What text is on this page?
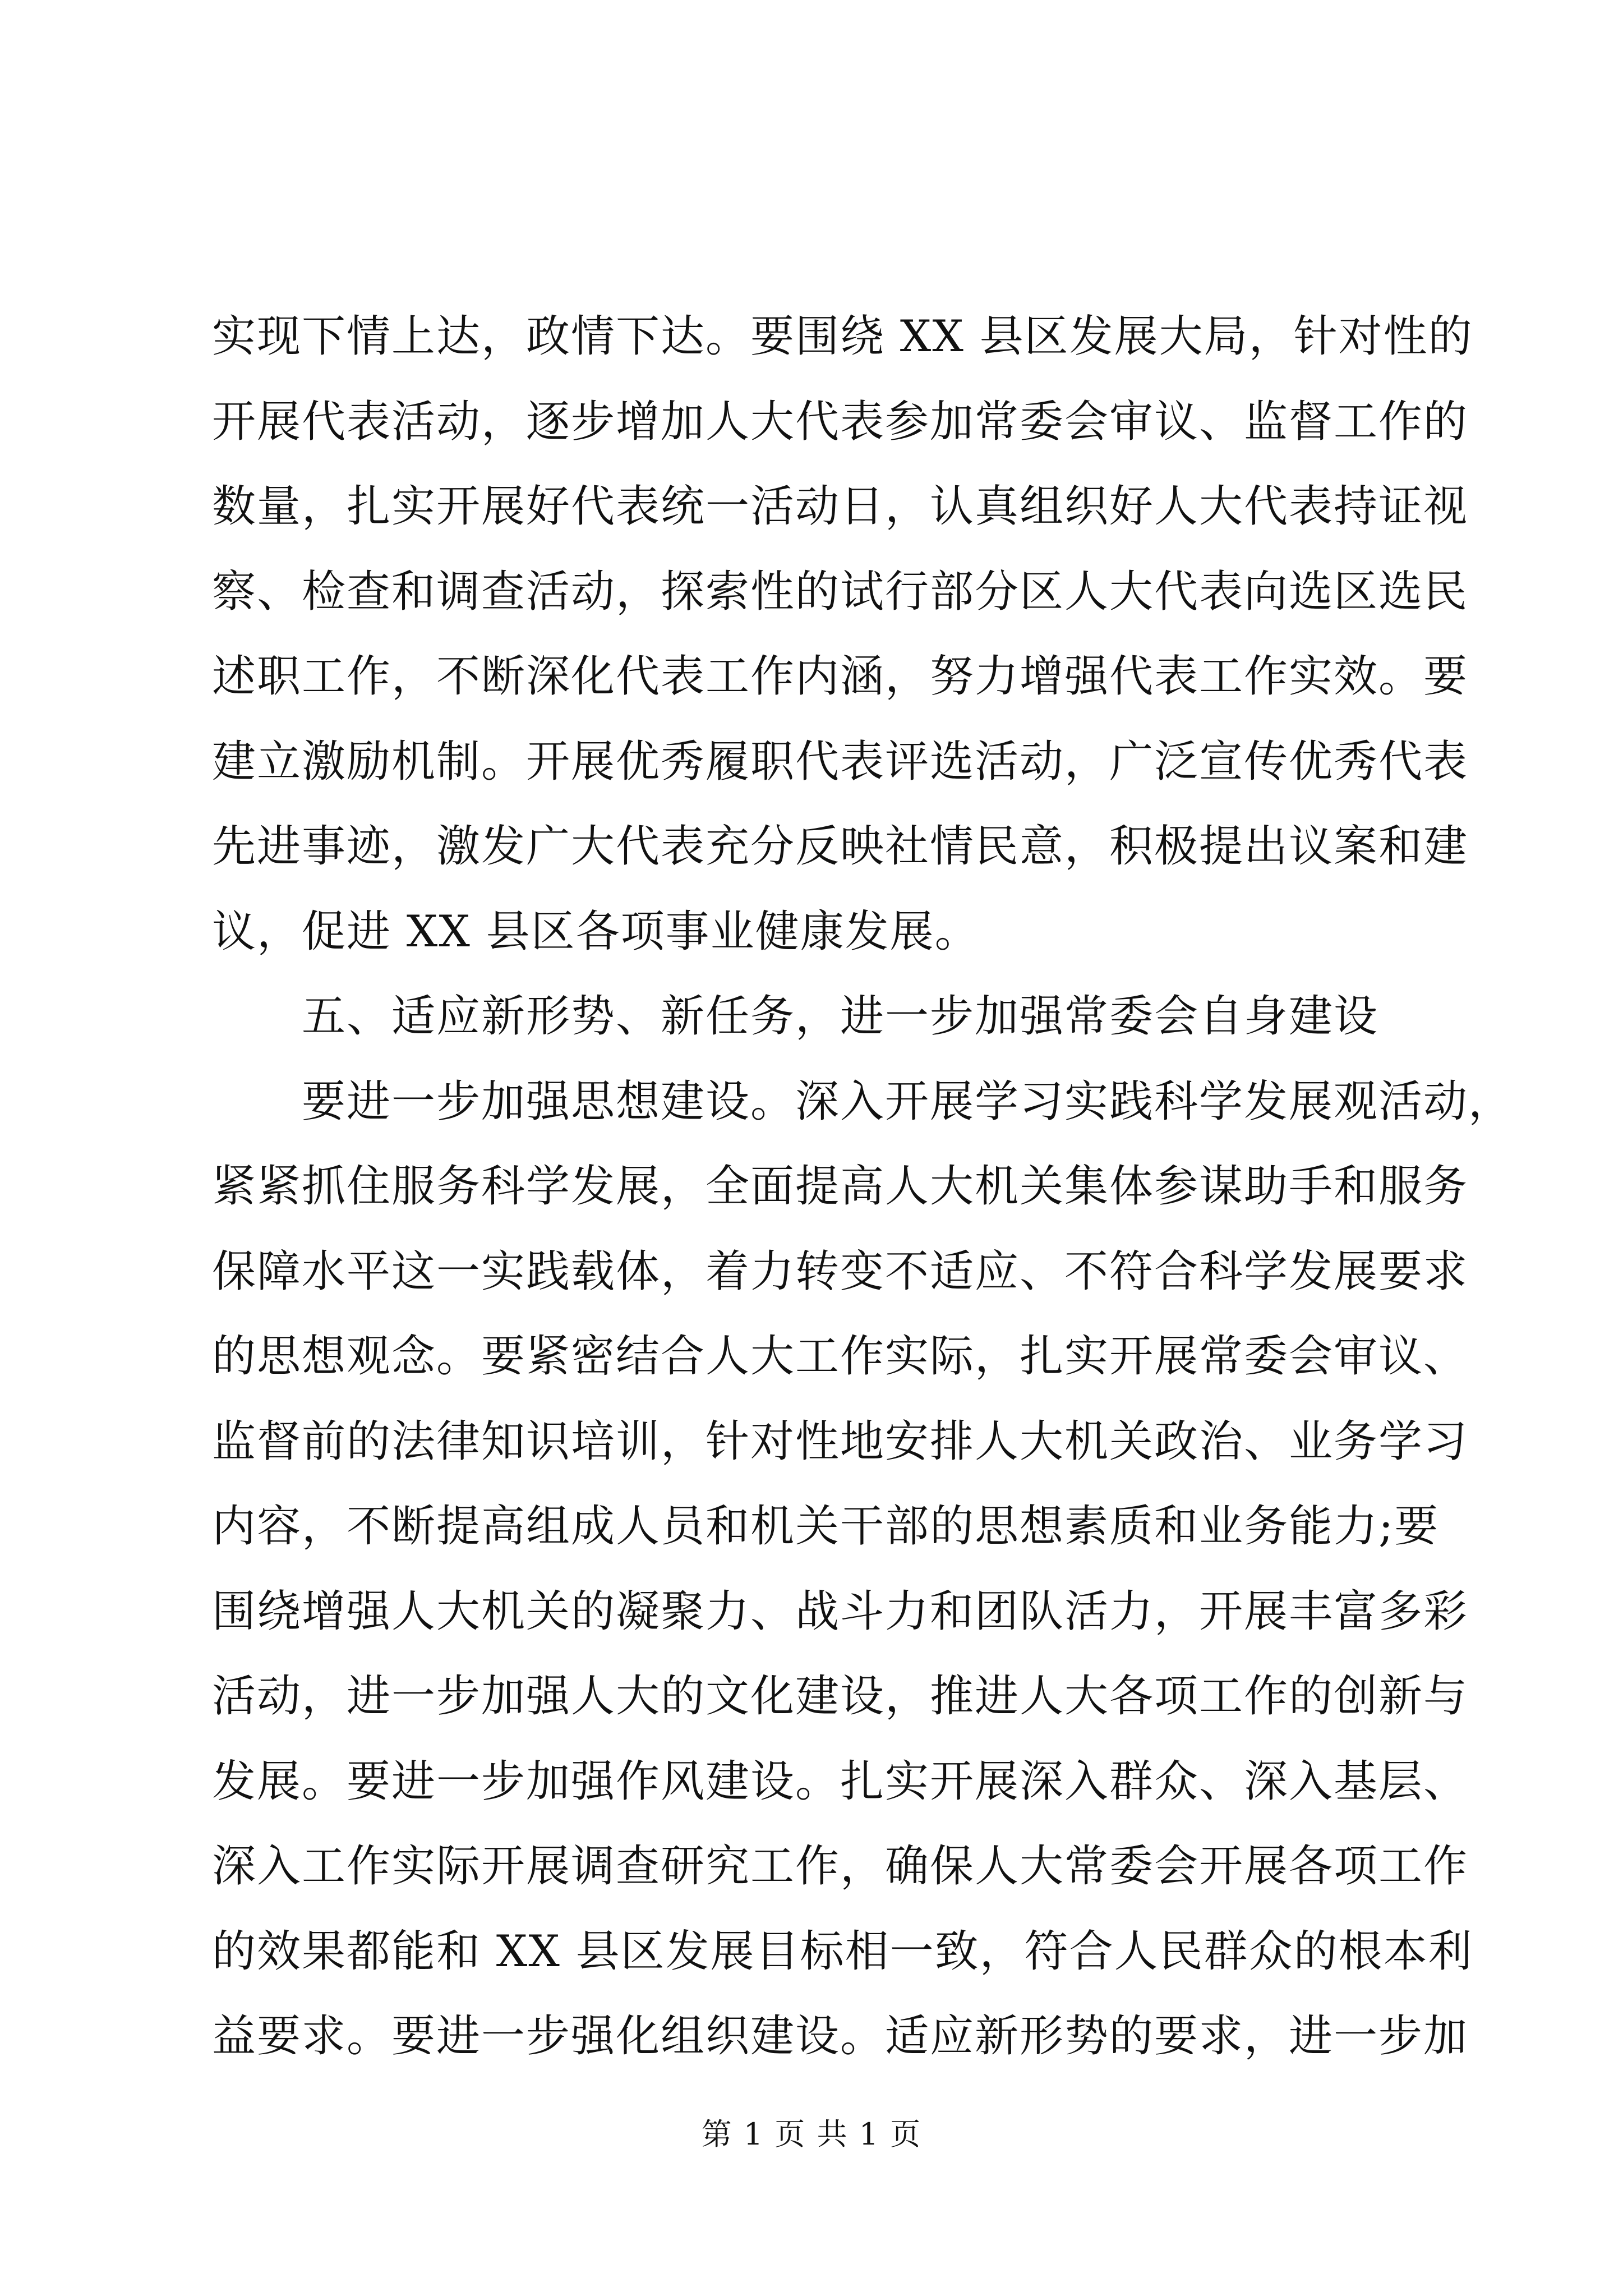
实现下情上达，政情下达。要围绕 XX 县区发展大局，针对性的
开展代表活动，逐步增加人大代表参加常委会审议、监督工作的
数量，扎实开展好代表统一活动日，认真组织好人大代表持证视
察、检查和调查活动，探索性的试行部分区人大代表向选区选民
述职工作，不断深化代表工作内涵，努力增强代表工作实效。要
建立激励机制。开展优秀履职代表评选活动，广泛宣传优秀代表
先进事迹，激发广大代表充分反映社情民意，积极提出议案和建
议，促进 XX 县区各项事业健康发展。
五、适应新形势、新任务，进一步加强常委会自身建设
要进一步加强思想建设。深入开展学习实践科学发展观活动，
紧紧抓住服务科学发展，全面提高人大机关集体参谋助手和服务
保障水平这一实践载体，着力转变不适应、不符合科学发展要求
的思想观念。要紧密结合人大工作实际，扎实开展常委会审议、
监督前的法律知识培训，针对性地安排人大机关政治、业务学习
内容，不断提高组成人员和机关干部的思想素质和业务能力;要
围绕增强人大机关的凝聚力、战斗力和团队活力，开展丰富多彩
活动，进一步加强人大的文化建设，推进人大各项工作的创新与
发展。要进一步加强作风建设。扎实开展深入群众、深入基层、
深入工作实际开展调查研究工作，确保人大常委会开展各项工作
的效果都能和 XX 县区发展目标相一致，符合人民群众的根本利
益要求。要进一步强化组织建设。适应新形势的要求，进一步加
第 1 页 共 1 页
